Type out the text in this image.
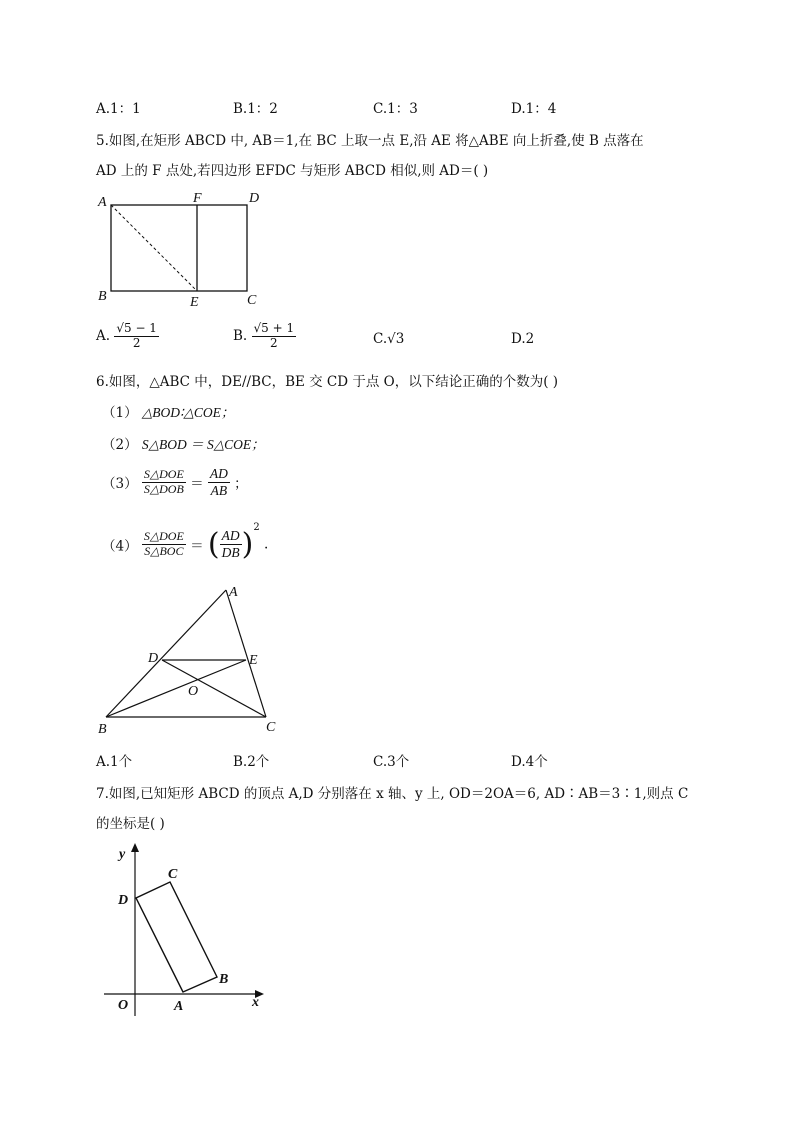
A.1：1	B.1：2	C.1：3	D.1：4
5.如图,在矩形 ABCD 中, AB＝1,在 BC 上取一点 E,沿 AE 将△ABE 向上折叠,使 B 点落在
AD 上的 F 点处,若四边形 EFDC 与矩形 ABCD 相似,则 AD＝( )
A	F	D
B	E	C
A. $\frac{√5 - 1}{2}$	B. $\frac{√5 + 1}{2}$	C.√3	D.2
6.如图，△ABC 中，DE//BC，BE 交 CD 于点 O，以下结论正确的个数为( )
（1） △BOD∶△COE；
（2） S△BOD ＝ S△COE；
$(3) \frac{\text{S△DOE}}{\text{S△DOB}} = \frac{AD}{AB}$ ；
$(4) \frac{\text{S△DOE}}{\text{S△BOC}}$ ＝ ( $\frac{AD}{DB} )^2$ .
A
D	E
O
B	C
A.1个	B.2个	C.3个	D.4个
7.如图,已知矩形 ABCD 的顶点 A,D 分别落在 x 轴、y 上, OD＝2OA＝6, AD∶AB＝3∶1,则点 C
的坐标是( )
y
C
D
B
O	A	x
